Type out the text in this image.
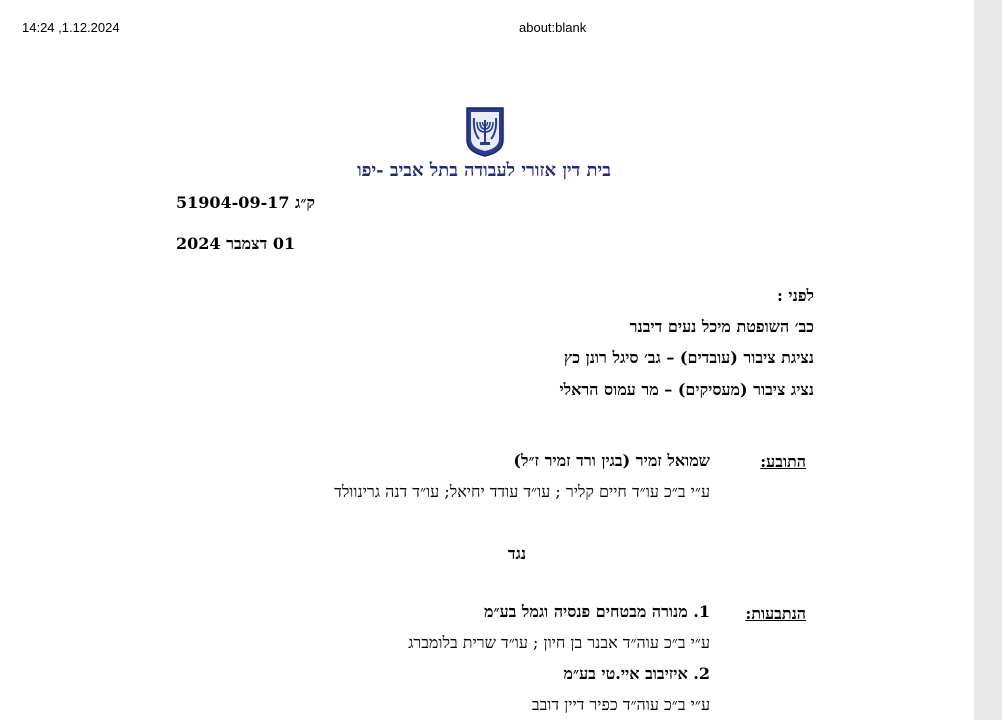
14:24 ,1.12.2024	about:blank
בית דין אזורי לעבודה בתל אביב -יפו
ק״ג 51904-09-17
01 דצמבר 2024
לפני :
כב׳ השופטת מיכל נעים דיבנר
נציגת ציבור (עובדים) – גב׳ סיגל רונן כץ
נציג ציבור (מעסיקים) – מר עמוס הראלי
התובע:
שמואל זמיר (בגין ורד זמיר ז״ל)
ע״י ב״כ עו״ד חיים קליר ; עו״ד עודד יחיאל; עו״ד דנה גרינוולד
נגד
הנתבעות:
1. מנורה מבטחים פנסיה וגמל בע״מ
ע״י ב״כ עוה״ד אבנר בן חיון ; עו״ד שרית בלומברג
2. איזיבוב איי.טי בע״מ
ע״י ב״כ עוה״ד כפיר דיין דובב
